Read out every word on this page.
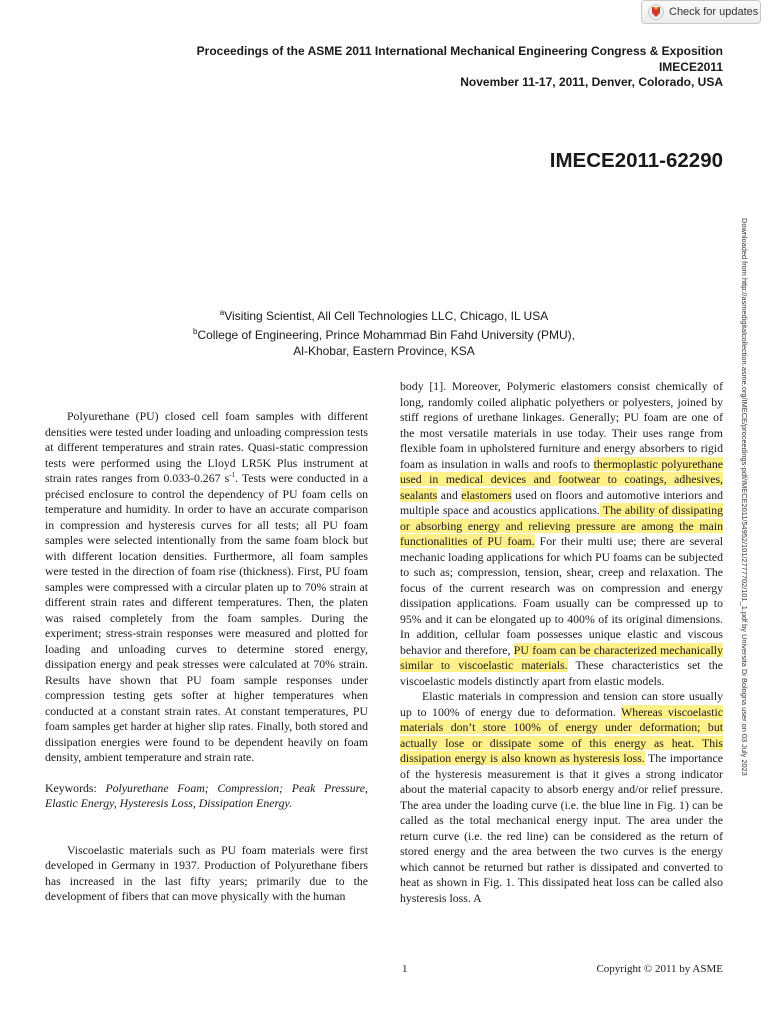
Check for updates
Proceedings of the ASME 2011 International Mechanical Engineering Congress & Exposition
IMECE2011
November 11-17, 2011, Denver, Colorado, USA
IMECE2011-62290
$^a$Visiting Scientist, All Cell Technologies LLC, Chicago, IL USA
$^b$College of Engineering, Prince Mohammad Bin Fahd University (PMU),
Al-Khobar, Eastern Province, KSA	Downloaded from http://asmedigitalcollection.asme.org/IMECE/proceedings-pdf/IMECE2011/54952/101/2777702/101_1.pdf by Universita Di Bologna user on 03 July 2023

Polyurethane (PU) closed cell foam samples with different densities were tested under loading and unloading compression tests at different temperatures and strain rates. Quasi-static compression tests were performed using the Lloyd LR5K Plus instrument at strain rates ranges from 0.033-0.267 $s^{-1}$. Tests were conducted in a précised enclosure to control the dependency of PU foam cells on temperature and humidity. In order to have an accurate comparison in compression and hysteresis curves for all tests; all PU foam samples were selected intentionally from the same foam block but with different location densities. Furthermore, all foam samples were tested in the direction of foam rise (thickness). First, PU foam samples were compressed with a circular platen up to 70% strain at different strain rates and different temperatures. Then, the platen was raised completely from the foam samples. During the experiment; stress-strain responses were measured and plotted for loading and unloading curves to determine stored energy, dissipation energy and peak stresses were calculated at 70% strain. Results have shown that PU foam sample responses under compression testing gets softer at higher temperatures when conducted at a constant strain rates. At constant temperatures, PU foam samples get harder at higher slip rates. Finally, both stored and dissipation energies were found to be dependent heavily on foam density, ambient temperature and strain rate.

Keywords: Polyurethane Foam; Compression; Peak Pressure, Elastic Energy, Hysteresis Loss, Dissipation Energy.

Viscoelastic materials such as PU foam materials were first developed in Germany in 1937. Production of Polyurethane fibers has increased in the last fifty years; primarily due to the development of fibers that can move physically with the human

body [1]. Moreover, Polymeric elastomers consist chemically of long, randomly coiled aliphatic polyethers or polyesters, joined by stiff regions of urethane linkages. Generally; PU foam are one of the most versatile materials in use today. Their uses range from flexible foam in upholstered furniture and energy absorbers to rigid foam as insulation in walls and roofs to thermoplastic polyurethane used in medical devices and footwear to coatings, adhesives, sealants and elastomers used on floors and automotive interiors and multiple space and acoustics applications. The ability of dissipating or absorbing energy and relieving pressure are among the main functionalities of PU foam. For their multi use; there are several mechanic loading applications for which PU foams can be subjected to such as; compression, tension, shear, creep and relaxation. The focus of the current research was on compression and energy dissipation applications. Foam usually can be compressed up to 95% and it can be elongated up to 400% of its original dimensions. In addition, cellular foam possesses unique elastic and viscous behavior and therefore, PU foam can be characterized mechanically similar to viscoelastic materials. These characteristics set the viscoelastic models distinctly apart from elastic models.

Elastic materials in compression and tension can store usually up to 100% of energy due to deformation. Whereas viscoelastic materials don’t store 100% of energy under deformation; but actually lose or dissipate some of this energy as heat. This dissipation energy is also known as hysteresis loss. The importance of the hysteresis measurement is that it gives a strong indicator about the material capacity to absorb energy and/or relief pressure. The area under the loading curve (i.e. the blue line in Fig. 1) can be called as the total mechanical energy input. The area under the return curve (i.e. the red line) can be considered as the return of stored energy and the area between the two curves is the energy which cannot be returned but rather is dissipated and converted to heat as shown in Fig. 1. This dissipated heat loss can be called also hysteresis loss. A

1	Copyright © 2011 by ASME
